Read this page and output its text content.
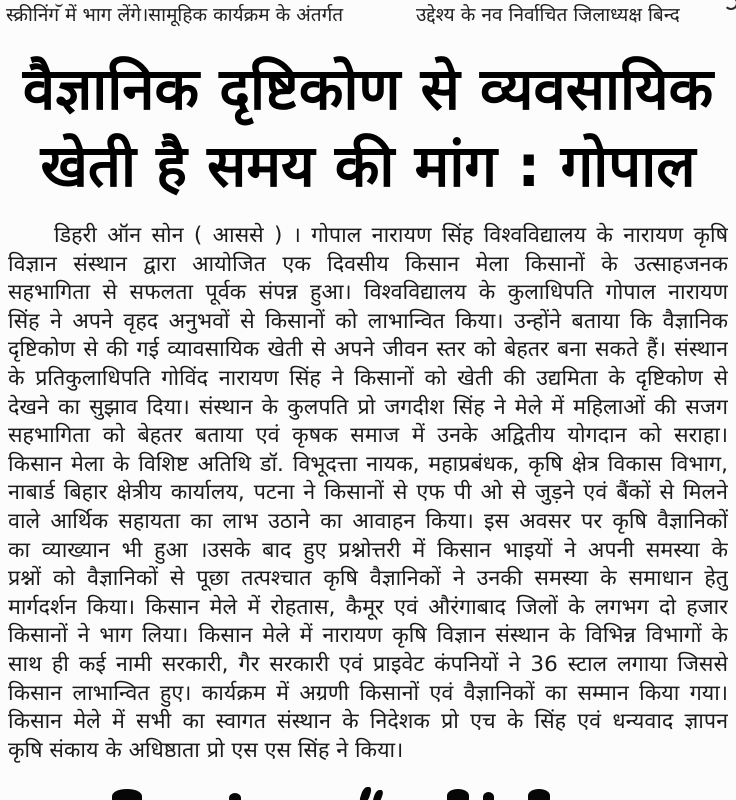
स्क्रीनिंग में भाग लेंगे।सामूहिक कार्यक्रम के अंतर्गत	उद्देश्य के नव निर्वाचित जिलाध्यक्ष बिन्द
वैज्ञानिक दृष्टिकोण से व्यवसायिक
खेती है समय की मांग : गोपाल
डिहरी ऑन सोन ( आससे ) । गोपाल नारायण सिंह विश्वविद्यालय के नारायण कृषि
विज्ञान संस्थान द्वारा आयोजित एक दिवसीय किसान मेला किसानों के उत्साहजनक
सहभागिता से सफलता पूर्वक संपन्न हुआ। विश्वविद्यालय के कुलाधिपति गोपाल नारायण
सिंह ने अपने वृहद अनुभवों से किसानों को लाभान्वित किया। उन्होंने बताया कि वैज्ञानिक
दृष्टिकोण से की गई व्यावसायिक खेती से अपने जीवन स्तर को बेहतर बना सकते हैं। संस्थान
के प्रतिकुलाधिपति गोविंद नारायण सिंह ने किसानों को खेती की उद्यमिता के दृष्टिकोण से
देखने का सुझाव दिया। संस्थान के कुलपति प्रो जगदीश सिंह ने मेले में महिलाओं की सजग
सहभागिता को बेहतर बताया एवं कृषक समाज में उनके अद्वितीय योगदान को सराहा।
किसान मेला के विशिष्ट अतिथि डॉ. विभूदत्ता नायक, महाप्रबंधक, कृषि क्षेत्र विकास विभाग,
नाबार्ड बिहार क्षेत्रीय कार्यालय, पटना ने किसानों से एफ पी ओ से जुड़ने एवं बैंकों से मिलने
वाले आर्थिक सहायता का लाभ उठाने का आवाहन किया। इस अवसर पर कृषि वैज्ञानिकों
का व्याख्यान भी हुआ ।उसके बाद हुए प्रश्नोत्तरी में किसान भाइयों ने अपनी समस्या के
प्रश्नों को वैज्ञानिकों से पूछा तत्पश्चात कृषि वैज्ञानिकों ने उनकी समस्या के समाधान हेतु
मार्गदर्शन किया। किसान मेले में रोहतास, कैमूर एवं औरंगाबाद जिलों के लगभग दो हजार
किसानों ने भाग लिया। किसान मेले में नारायण कृषि विज्ञान संस्थान के विभिन्न विभागों के
साथ ही कई नामी सरकारी, गैर सरकारी एवं प्राइवेट कंपनियों ने 36 स्टाल लगाया जिससे
किसान लाभान्वित हुए। कार्यक्रम में अग्रणी किसानों एवं वैज्ञानिकों का सम्मान किया गया।
किसान मेले में सभी का स्वागत संस्थान के निदेशक प्रो एच के सिंह एवं धन्यवाद ज्ञापन
कृषि संकाय के अधिष्ठाता प्रो एस एस सिंह ने किया।
